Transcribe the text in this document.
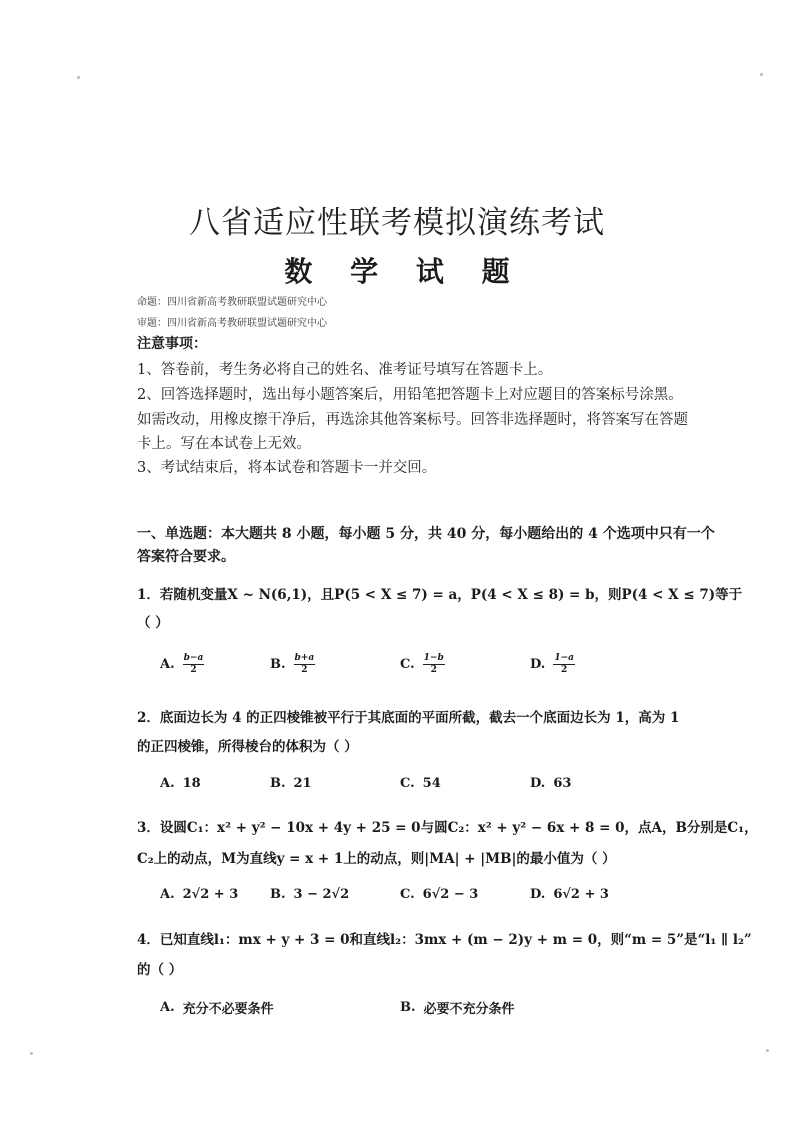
八省适应性联考模拟演练考试
数 学 试 题
命题：四川省新高考教研联盟试题研究中心
审题：四川省新高考教研联盟试题研究中心
注意事项：
1、答卷前，考生务必将自己的姓名、准考证号填写在答题卡上。
2、回答选择题时，选出每小题答案后，用铅笔把答题卡上对应题目的答案标号涂黑。
如需改动，用橡皮擦干净后，再选涂其他答案标号。回答非选择题时，将答案写在答题
卡上。写在本试卷上无效。
3、考试结束后，将本试卷和答题卡一并交回。
一、单选题：本大题共 8 小题，每小题 5 分，共 40 分，每小题给出的 4 个选项中只有一个
答案符合要求。
1．若随机变量X ~ N(6,1)，且P(5 < X ≤ 7) = a，P(4 < X ≤ 8) = b，则P(4 < X ≤ 7)等于
（ ）
A. $\frac{b-a}{2}$	B. $\frac{b+a}{2}$	C. $\frac{1-b}{2}$	D. $\frac{1-a}{2}$
2．底面边长为 4 的正四棱锥被平行于其底面的平面所截，截去一个底面边长为 1，高为 1
的正四棱锥，所得棱台的体积为（ ）
A. 18	B. 21	C. 54	D. 63
3．设圆C₁：x² + y² − 10x + 4y + 25 = 0与圆C₂：x² + y² − 6x + 8 = 0，点A，B分别是C₁，
C₂上的动点，M为直线y = x + 1上的动点，则|MA| + |MB|的最小值为（ ）
A. 2√2 + 3 B. 3 − 2√2	C. 6√2 − 3	D. 6√2 + 3
4．已知直线l₁：mx + y + 3 = 0和直线l₂：3mx + (m − 2)y + m = 0，则“m = 5”是“l₁ ∥ l₂”
的（ ）
A. 充分不必要条件	B. 必要不充分条件
